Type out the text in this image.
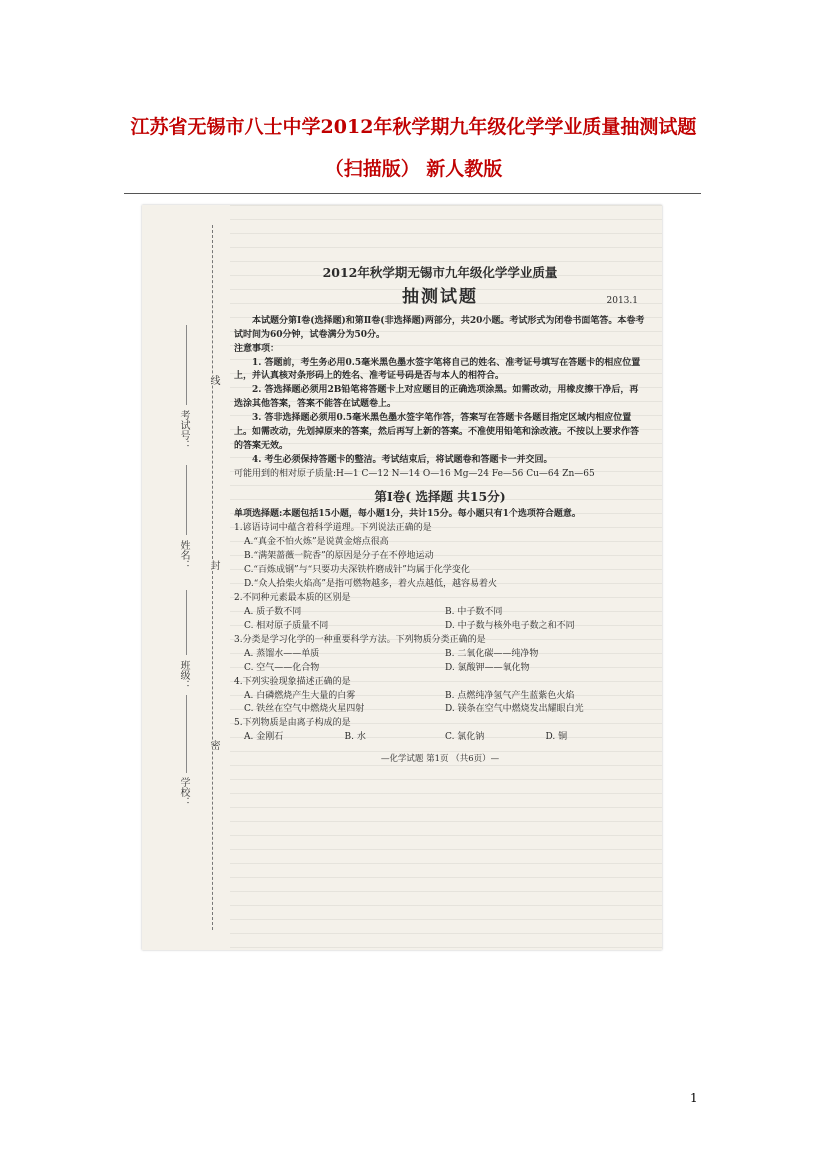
江苏省无锡市八士中学2012年秋学期九年级化学学业质量抽测试题
（扫描版） 新人教版
考试号：
姓名：
班级：
学校：
线
封
密
2012年秋学期无锡市九年级化学学业质量
抽测试题	2013.1

本试题分第Ⅰ卷(选择题)和第Ⅱ卷(非选择题)两部分，共20小题。考试形式为闭卷书面笔答。本卷考试时间为60分钟，试卷满分为50分。

注意事项：

1. 答题前，考生务必用0.5毫米黑色墨水签字笔将自己的姓名、准考证号填写在答题卡的相应位置上，并认真核对条形码上的姓名、准考证号码是否与本人的相符合。

2. 答选择题必须用2B铅笔将答题卡上对应题目的正确选项涂黑。如需改动，用橡皮擦干净后，再选涂其他答案，答案不能答在试题卷上。

3. 答非选择题必须用0.5毫米黑色墨水签字笔作答，答案写在答题卡各题目指定区域内相应位置上。如需改动，先划掉原来的答案，然后再写上新的答案。不准使用铅笔和涂改液。不按以上要求作答的答案无效。

4. 考生必须保持答题卡的整洁。考试结束后，将试题卷和答题卡一并交回。

可能用到的相对原子质量:H—1 C—12 N—14 O—16 Mg—24 Fe—56 Cu—64 Zn—65

第Ⅰ卷( 选择题 共15分)

单项选择题:本题包括15小题，每小题1分，共计15分。每小题只有1个选项符合题意。

1.谚语诗词中蕴含着科学道理。下列说法正确的是

A.“真金不怕火炼”是说黄金熔点很高
B.“满架蔷薇一院香”的原因是分子在不停地运动
C.“百炼成钢”与“只要功夫深铁杵磨成针”均属于化学变化
D.“众人拾柴火焰高”是指可燃物越多，着火点越低，越容易着火

2.不同种元素最本质的区别是

A. 质子数不同	B. 中子数不同
C. 相对原子质量不同	D. 中子数与核外电子数之和不同

3.分类是学习化学的一种重要科学方法。下列物质分类正确的是

A. 蒸馏水——单质	B. 二氧化碳——纯净物
C. 空气——化合物	D. 氯酸钾——氧化物

4.下列实验现象描述正确的是

A. 白磷燃烧产生大量的白雾	B. 点燃纯净氢气产生蓝紫色火焰
C. 铁丝在空气中燃烧火星四射	D. 镁条在空气中燃烧发出耀眼白光

5.下列物质是由离子构成的是

A. 金刚石	B. 水	C. 氯化钠	D. 铜
—化学试题 第1页 （共6页）—
1
